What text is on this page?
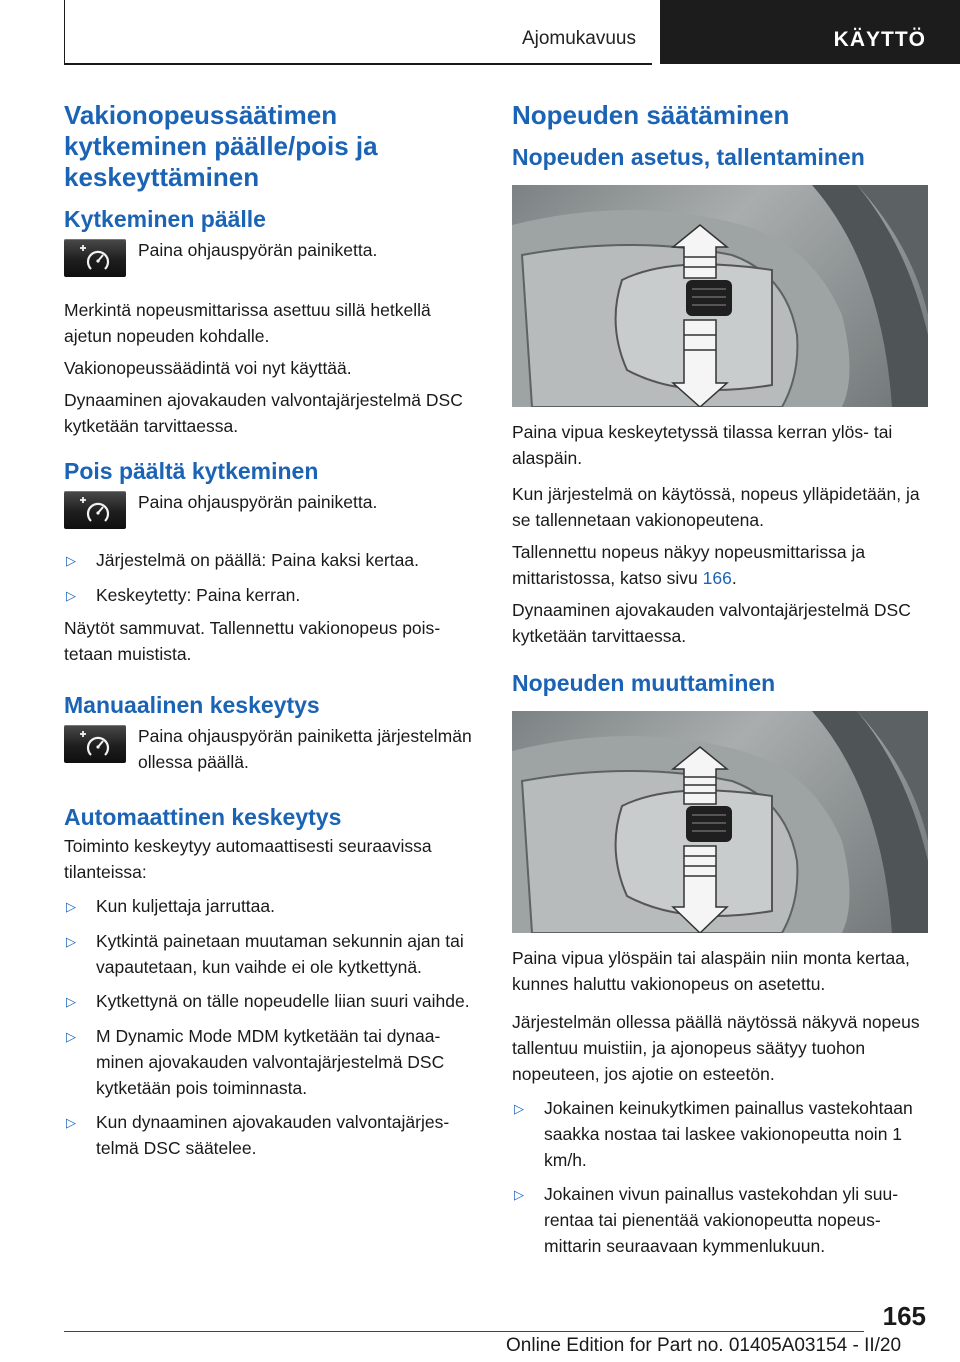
Ajomukavuus	KÄYTTÖ
Vakionopeussäätimen kytkeminen päälle/pois ja keskeyttäminen
Kytkeminen päälle
Paina ohjauspyörän painiketta.

Merkintä nopeusmittarissa asettuu sillä hetkellä ajetun nopeuden kohdalle.

Vakionopeussäädintä voi nyt käyttää.

Dynaaminen ajovakauden valvontajärjestelmä DSC kytketään tarvittaessa.

Pois päältä kytkeminen
Paina ohjauspyörän painiketta.
▷	Järjestelmä on päällä: Paina kaksi kertaa.
▷	Keskeytetty: Paina kerran.

Näytöt sammuvat. Tallennettu vakionopeus poistetaan muistista.

Manuaalinen keskeytys
Paina ohjauspyörän painiketta järjestelmän ollessa päällä.
Automaattinen keskeytys

Toiminto keskeytyy automaattisesti seuraavissa tilanteissa:

▷	Kun kuljettaja jarruttaa.
▷	Kytkintä painetaan muutaman sekunnin ajan tai vapautetaan, kun vaihde ei ole kytkettynä.
▷	Kytkettynä on tälle nopeudelle liian suuri vaihde.
▷	M Dynamic Mode MDM kytketään tai dynaaminen ajovakauden valvontajärjestelmä DSC kytketään pois toiminnasta.
▷	Kun dynaaminen ajovakauden valvontajärjestelmä DSC säätelee.
Nopeuden säätäminen
Nopeuden asetus, tallentaminen

Paina vipua keskeytetyssä tilassa kerran ylös- tai alaspäin.

Kun järjestelmä on käytössä, nopeus ylläpidetään, ja se tallennetaan vakionopeutena.

Tallennettu nopeus näkyy nopeusmittarissa ja mittaristossa, katso sivu 166.

Dynaaminen ajovakauden valvontajärjestelmä DSC kytketään tarvittaessa.

Nopeuden muuttaminen

Paina vipua ylöspäin tai alaspäin niin monta kertaa, kunnes haluttu vakionopeus on asetettu.

Järjestelmän ollessa päällä näytössä näkyvä nopeus tallentuu muistiin, ja ajonopeus säätyy tuohon nopeuteen, jos ajotie on esteetön.

▷	Jokainen keinukytkimen painallus vastekohtaan saakka nostaa tai laskee vakionopeutta noin 1 km/h.
▷	Jokainen vivun painallus vastekohdan yli suurentaa tai pienentää vakionopeutta nopeusmittarin seuraavaan kymmenlukuun.
165
Online Edition for Part no. 01405A03154 - II/20
